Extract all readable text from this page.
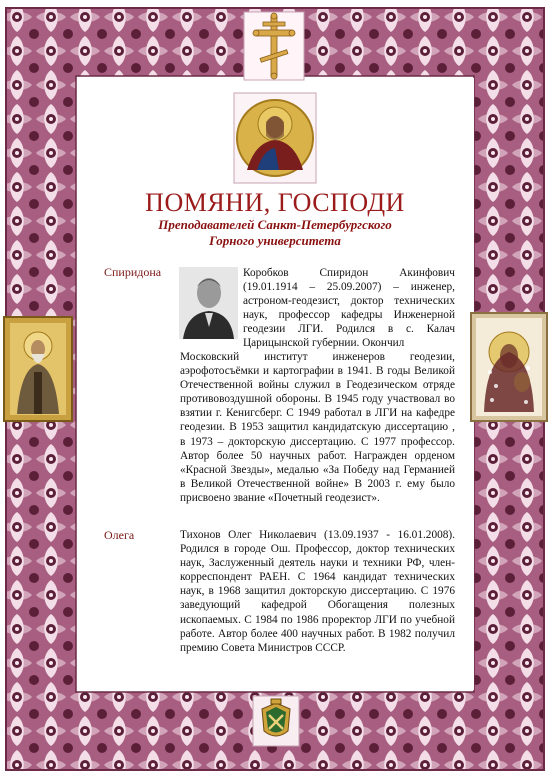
ПОМЯНИ, ГОСПОДИ
Преподавателей Санкт-Петербургского
Горного университета
Спиридона	Коробков Спиридон Акинфович (19.01.1914 – 25.09.2007) – инженер, астроном-геодезист, доктор технических наук, профессор кафедры Инженерной геодезии ЛГИ. Родился в с. Калач Царицынской губернии. Окончил
Московский институт инженеров геодезии, аэрофотосъёмки и картографии в 1941. В годы Великой Отечественной войны служил в Геодезическом отряде противовоздушной обороны. В 1945 году участвовал во взятии г. Кенигсберг. С 1949 работал в ЛГИ на кафедре геодезии. В 1953 защитил кандидатскую диссертацию , в 1973 – докторскую диссертацию. С 1977 профессор. Автор более 50 научных работ. Награжден орденом «Красной Звезды», медалью «За Победу над Германией в Великой Отечественной войне» В 2003 г. ему было присвоено звание «Почетный геодезист».
Олега	Тихонов Олег Николаевич (13.09.1937 - 16.01.2008). Родился в городе Ош. Профессор, доктор технических наук, Заслуженный деятель науки и техники РФ, член-корреспондент РАЕН. С 1964 кандидат технических наук, в 1968 защитил докторскую диссертацию. С 1976 заведующий кафедрой Обогащения полезных ископаемых. С 1984 по 1986 проректор ЛГИ по учебной работе. Автор более 400 научных работ. В 1982 получил премию Совета Министров СССР.
